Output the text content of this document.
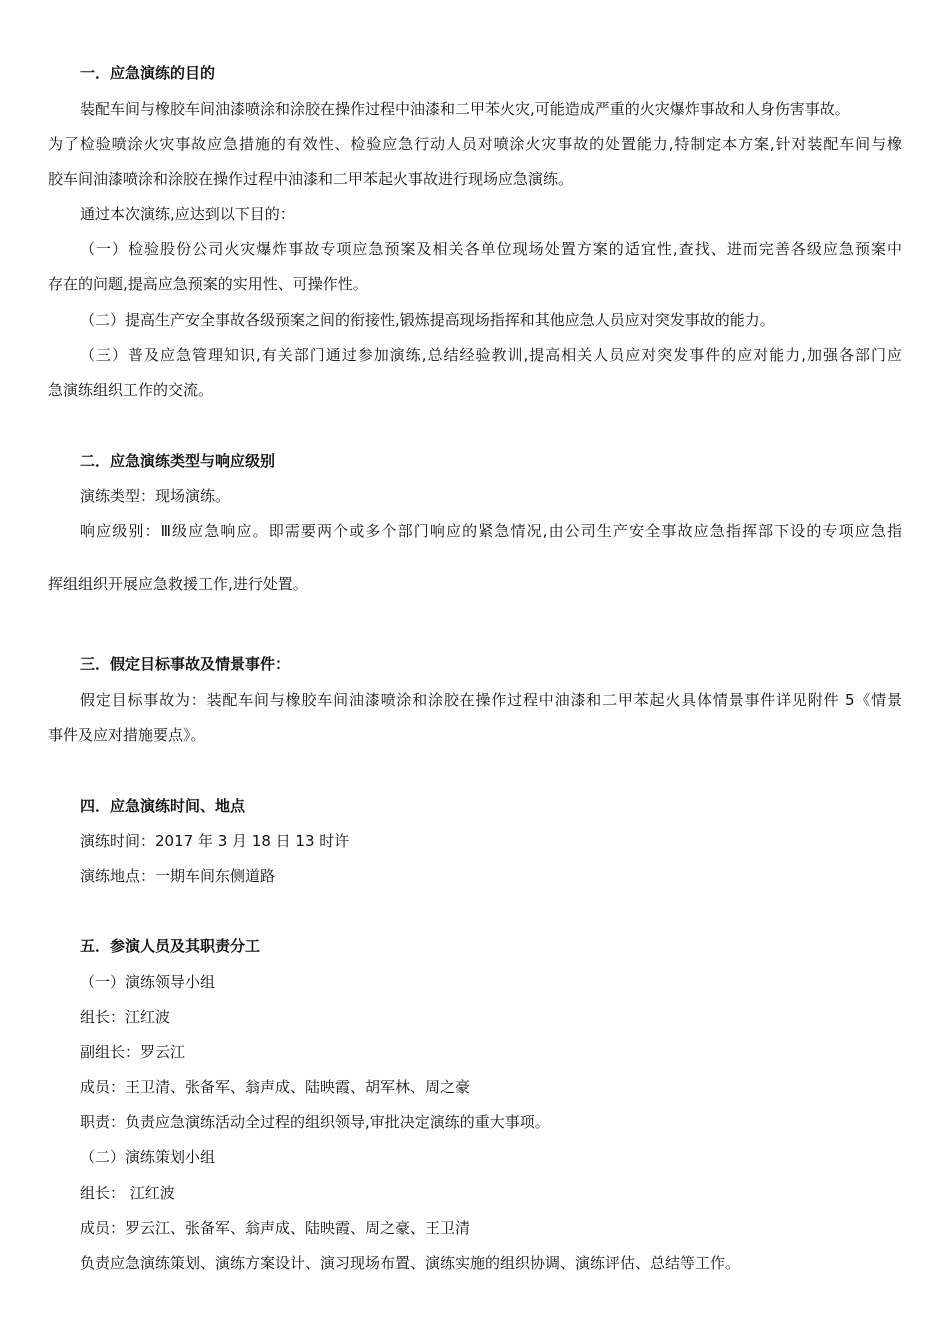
一．应急演练的目的
装配车间与橡胶车间油漆喷涂和涂胶在操作过程中油漆和二甲苯火灾,可能造成严重的火灾爆炸事故和人身伤害事故。
为了检验喷涂火灾事故应急措施的有效性、检验应急行动人员对喷涂火灾事故的处置能力,特制定本方案,针对装配车间与橡
胶车间油漆喷涂和涂胶在操作过程中油漆和二甲苯起火事故进行现场应急演练。
通过本次演练,应达到以下目的：
（一）检验股份公司火灾爆炸事故专项应急预案及相关各单位现场处置方案的适宜性,查找、进而完善各级应急预案中
存在的问题,提高应急预案的实用性、可操作性。
（二）提高生产安全事故各级预案之间的衔接性,锻炼提高现场指挥和其他应急人员应对突发事故的能力。
（三）普及应急管理知识,有关部门通过参加演练,总结经验教训,提高相关人员应对突发事件的应对能力,加强各部门应
急演练组织工作的交流。
二．应急演练类型与响应级别
演练类型：现场演练。
响应级别：Ⅲ级应急响应。即需要两个或多个部门响应的紧急情况,由公司生产安全事故应急指挥部下设的专项应急指
挥组组织开展应急救援工作,进行处置。
三．假定目标事故及情景事件：
假定目标事故为：装配车间与橡胶车间油漆喷涂和涂胶在操作过程中油漆和二甲苯起火具体情景事件详见附件 5《情景
事件及应对措施要点》。
四．应急演练时间、地点
演练时间：2017 年 3 月 18 日 13 时许
演练地点：一期车间东侧道路
五．参演人员及其职责分工
（一）演练领导小组
组长：江红波
副组长：罗云江
成员：王卫清、张备军、翁声成、陆映霞、胡军林、周之豪
职责：负责应急演练活动全过程的组织领导,审批决定演练的重大事项。
（二）演练策划小组
组长： 江红波
成员：罗云江、张备军、翁声成、陆映霞、周之豪、王卫清
负责应急演练策划、演练方案设计、演习现场布置、演练实施的组织协调、演练评估、总结等工作。
